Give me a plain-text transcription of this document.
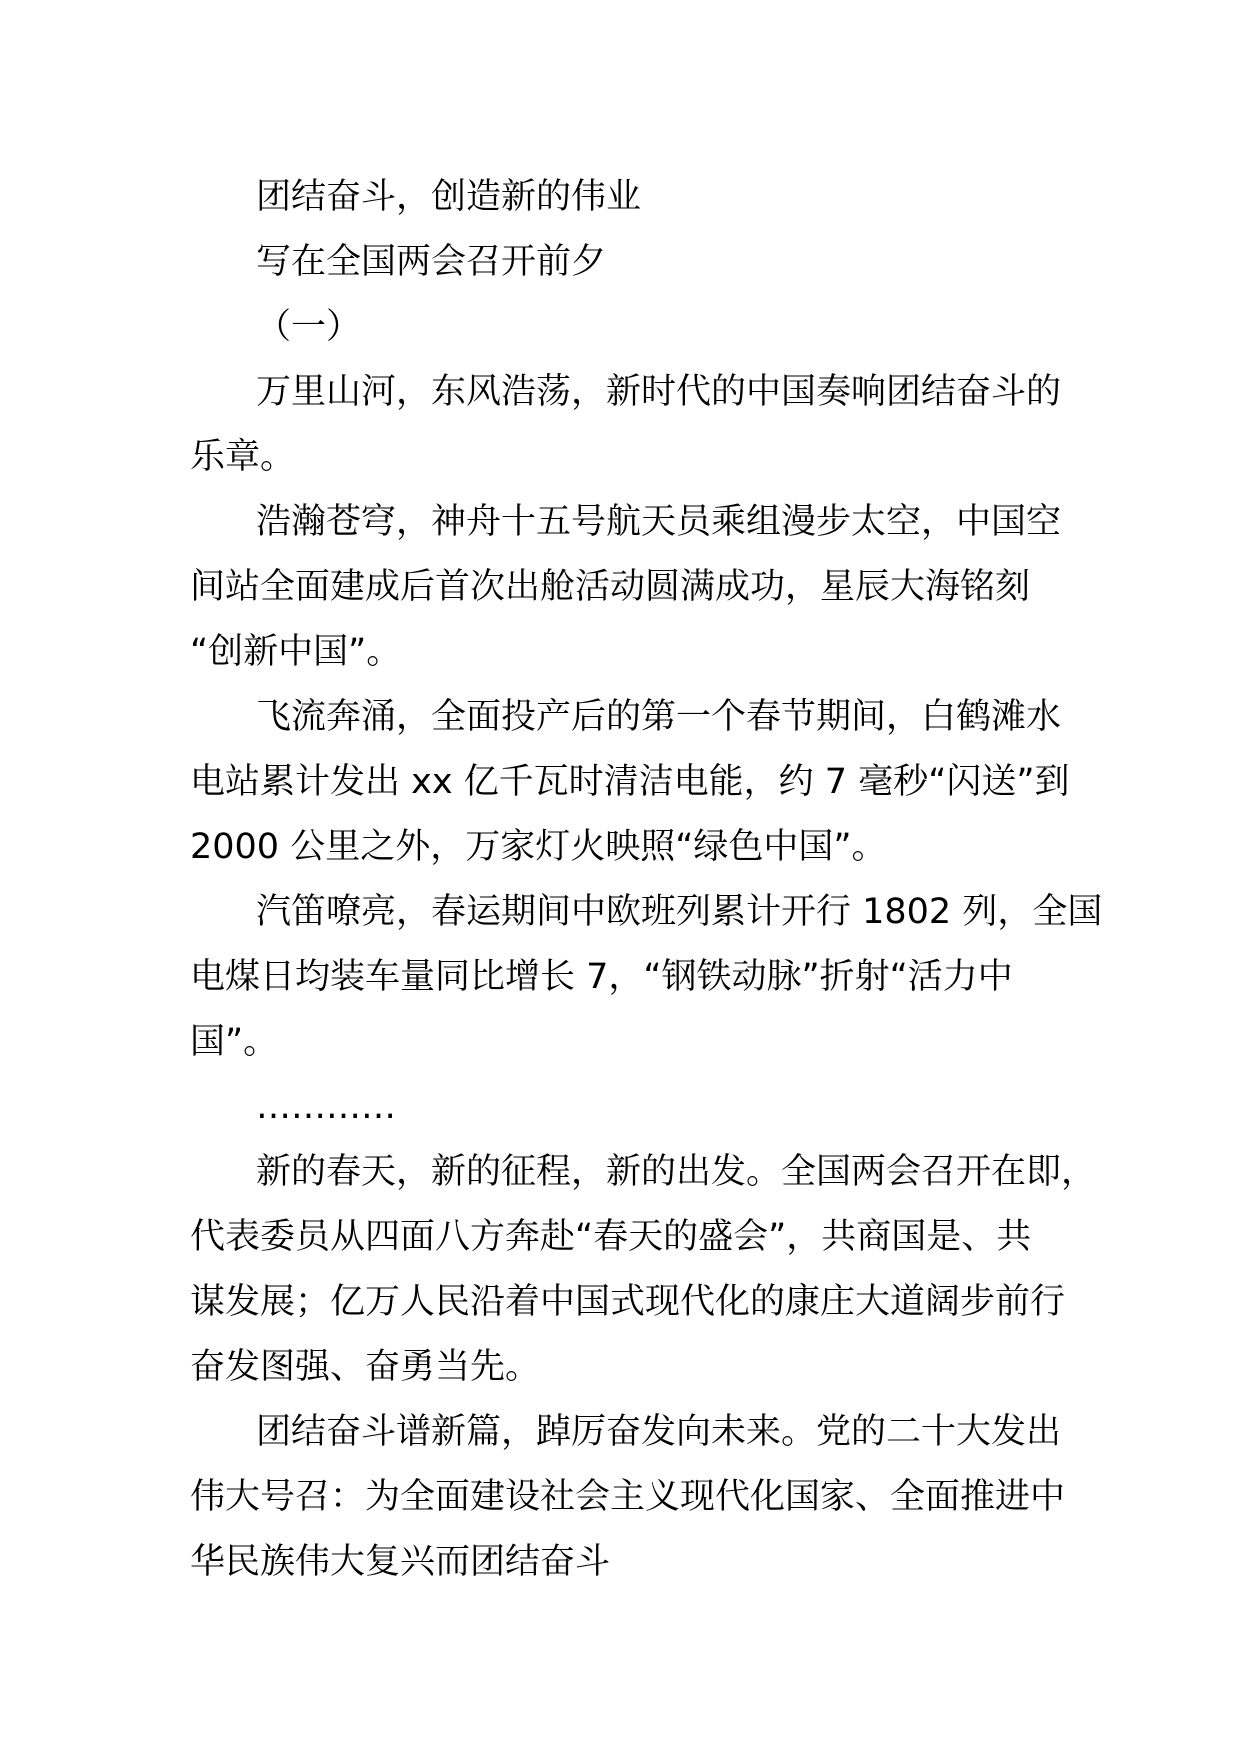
团结奋斗，创造新的伟业
写在全国两会召开前夕
（一）
万里山河，东风浩荡，新时代的中国奏响团结奋斗的
乐章。
浩瀚苍穹，神舟十五号航天员乘组漫步太空，中国空
间站全面建成后首次出舱活动圆满成功，星辰大海铭刻
“创新中国”。
飞流奔涌，全面投产后的第一个春节期间，白鹤滩水
电站累计发出 xx 亿千瓦时清洁电能，约 7 毫秒“闪送”到
2000 公里之外，万家灯火映照“绿色中国”。
汽笛嘹亮，春运期间中欧班列累计开行 1802 列，全国
电煤日均装车量同比增长 7，“钢铁动脉”折射“活力中
国”。
…………
新的春天，新的征程，新的出发。全国两会召开在即，
代表委员从四面八方奔赴“春天的盛会”，共商国是、共
谋发展；亿万人民沿着中国式现代化的康庄大道阔步前行
奋发图强、奋勇当先。
团结奋斗谱新篇，踔厉奋发向未来。党的二十大发出
伟大号召：为全面建设社会主义现代化国家、全面推进中
华民族伟大复兴而团结奋斗
